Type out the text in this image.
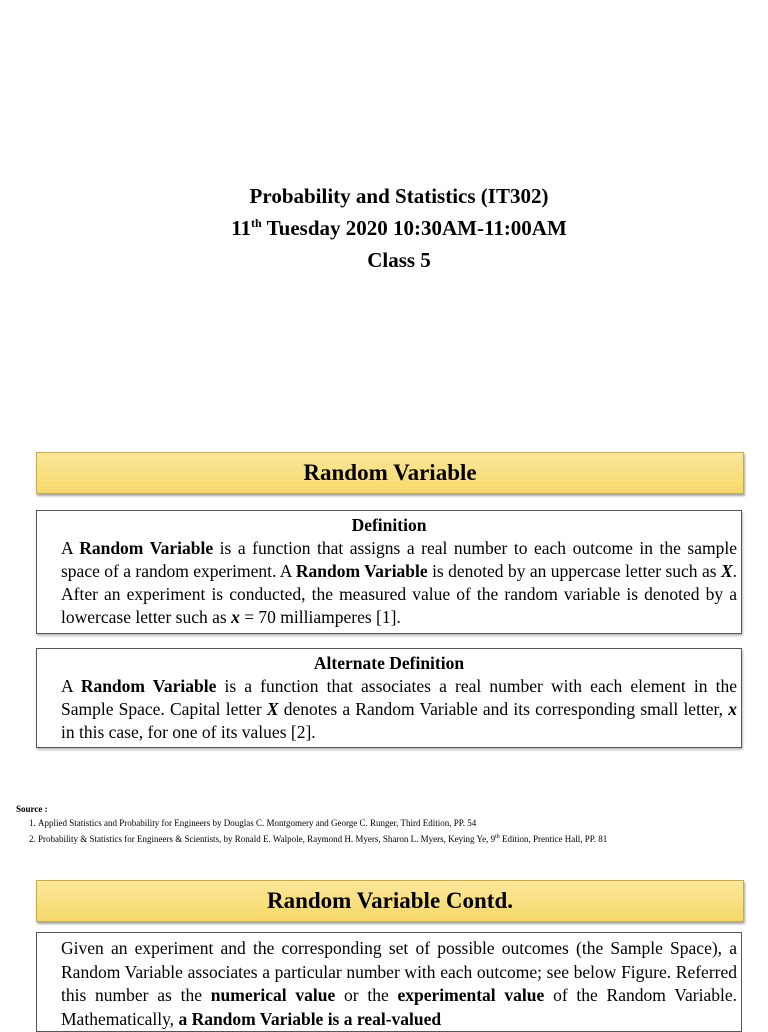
Probability and Statistics (IT302)
11th Tuesday 2020 10:30AM-11:00AM
Class 5
Random Variable
Definition

A Random Variable is a function that assigns a real number to each outcome in the sample space of a random experiment. A Random Variable is denoted by an uppercase letter such as X. After an experiment is conducted, the measured value of the random variable is denoted by a lowercase letter such as x = 70 milliamperes [1].

Alternate Definition

A Random Variable is a function that associates a real number with each element in the Sample Space. Capital letter X denotes a Random Variable and its corresponding small letter, x in this case, for one of its values [2].

Source :
1. Applied Statistics and Probability for Engineers by Douglas C. Montgomery and George C. Runger, Third Edition, PP. 54
2. Probability & Statistics for Engineers & Scientists, by Ronald E. Walpole, Raymond H. Myers, Sharon L. Myers, Keying Ye, 9th Edition, Prentice Hall, PP. 81
Random Variable Contd.

Given an experiment and the corresponding set of possible outcomes (the Sample Space), a Random Variable associates a particular number with each outcome; see below Figure. Referred this number as the numerical value or the experimental value of the Random Variable. Mathematically, a Random Variable is a real-valued
